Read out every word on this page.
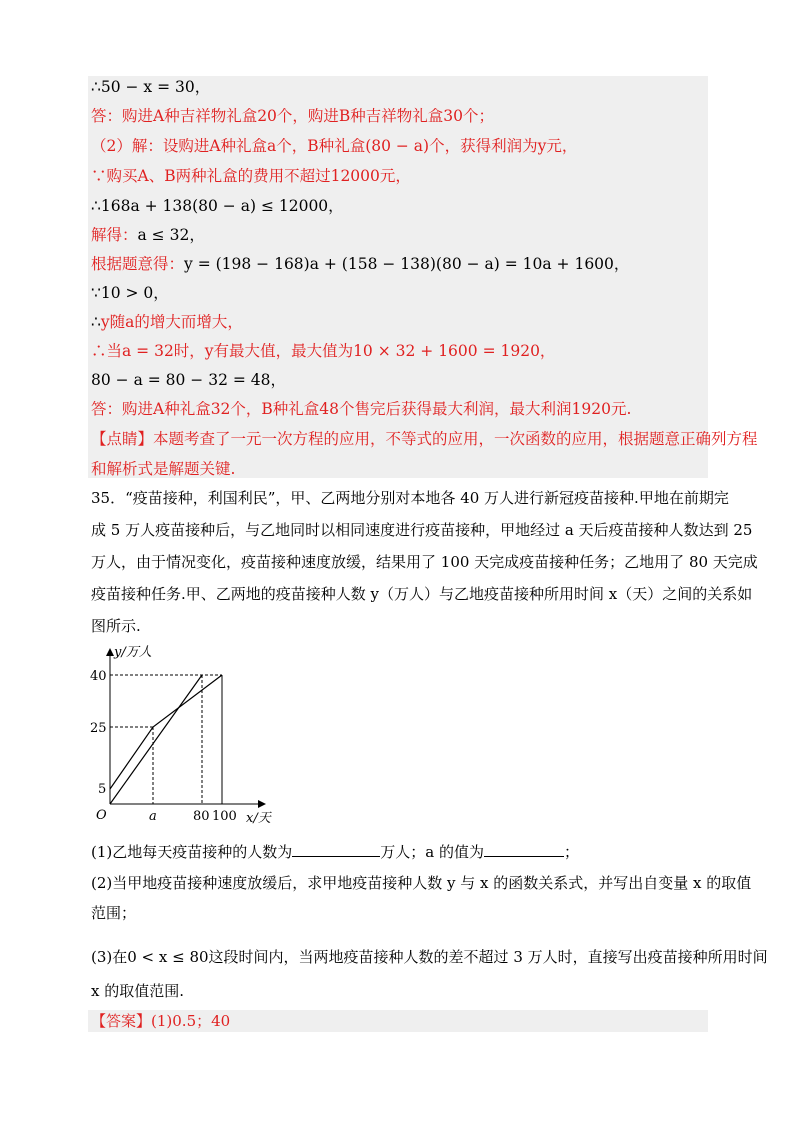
∴50 − x = 30，
答：购进A种吉祥物礼盒20个，购进B种吉祥物礼盒30个；
（2）解：设购进A种礼盒a个，B种礼盒(80 − a)个，获得利润为y元，
∵购买A、B两种礼盒的费用不超过12000元，
∴168a + 138(80 − a) ≤ 12000，
解得：a ≤ 32，
根据题意得：y = (198 − 168)a + (158 − 138)(80 − a) = 10a + 1600，
∵10 > 0，
∴y随a的增大而增大，
∴当a = 32时，y有最大值，最大值为10 × 32 + 1600 = 1920，
80 − a = 80 − 32 = 48，
答：购进A种礼盒32个，B种礼盒48个售完后获得最大利润，最大利润1920元.
【点睛】本题考查了一元一次方程的应用，不等式的应用，一次函数的应用，根据题意正确列方程
和解析式是解题关键.
35．“疫苗接种，利国利民”，甲、乙两地分别对本地各 40 万人进行新冠疫苗接种.甲地在前期完
成 5 万人疫苗接种后，与乙地同时以相同速度进行疫苗接种，甲地经过 a 天后疫苗接种人数达到 25
万人，由于情况变化，疫苗接种速度放缓，结果用了 100 天完成疫苗接种任务；乙地用了 80 天完成
疫苗接种任务.甲、乙两地的疫苗接种人数 y（万人）与乙地疫苗接种所用时间 x（天）之间的关系如
图所示.
y/万人
40
25
5
O	a	80 100 x/天
(1)乙地每天疫苗接种的人数为	万人；a 的值为	；
(2)当甲地疫苗接种速度放缓后，求甲地疫苗接种人数 y 与 x 的函数关系式，并写出自变量 x 的取值
范围；
(3)在0 < x ≤ 80这段时间内，当两地疫苗接种人数的差不超过 3 万人时，直接写出疫苗接种所用时间
x 的取值范围.
【答案】(1)0.5；40
